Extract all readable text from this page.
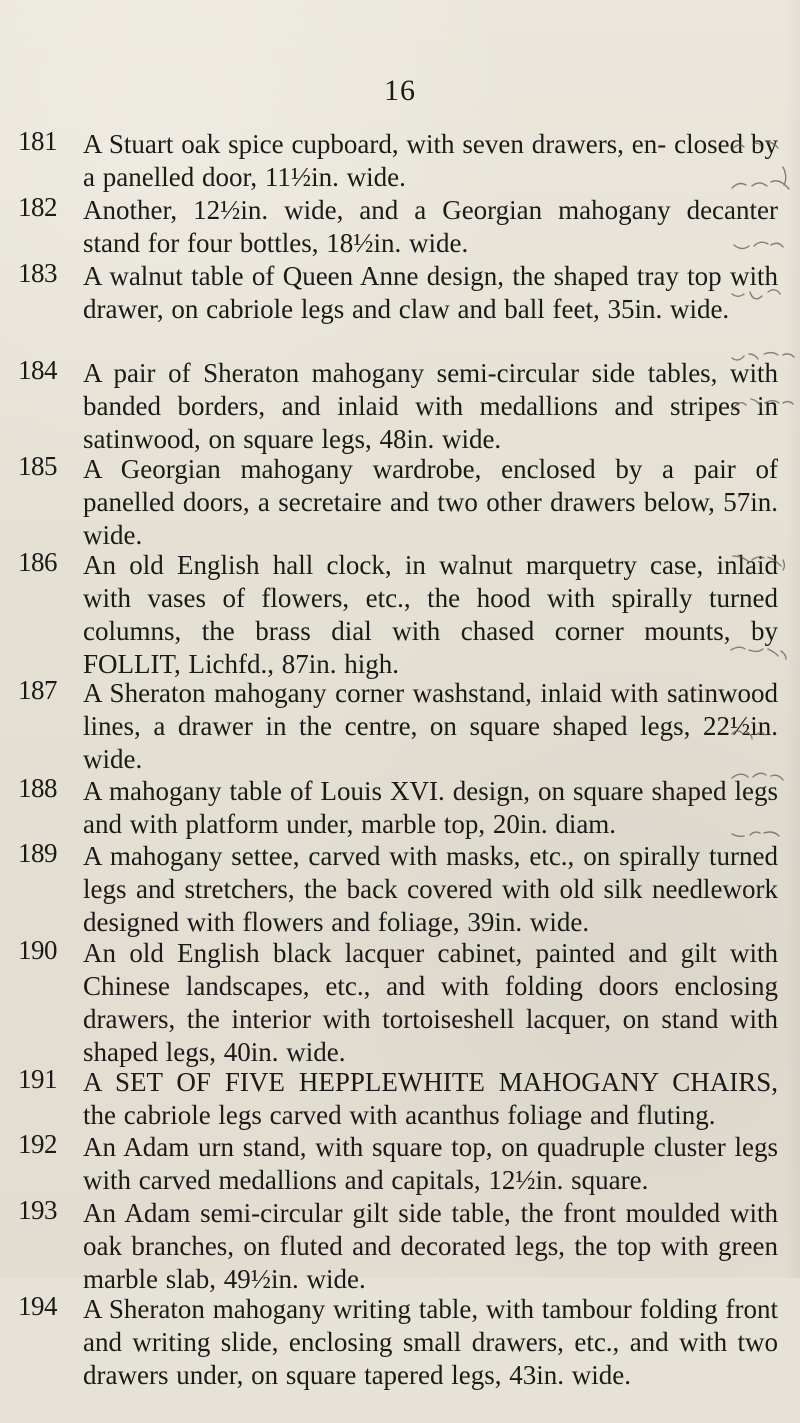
16
181 A Stuart oak spice cupboard, with seven drawers, en- closed by a panelled door, 11½in. wide.
182 Another, 12½in. wide, and a Georgian mahogany decanter stand for four bottles, 18½in. wide.
183 A walnut table of Queen Anne design, the shaped tray top with drawer, on cabriole legs and claw and ball feet, 35in. wide.
184 A pair of Sheraton mahogany semi-circular side tables, with banded borders, and inlaid with medallions and stripes in satinwood, on square legs, 48in. wide.
185 A Georgian mahogany wardrobe, enclosed by a pair of panelled doors, a secretaire and two other drawers below, 57in. wide.
186 An old English hall clock, in walnut marquetry case, inlaid with vases of flowers, etc., the hood with spirally turned columns, the brass dial with chased corner mounts, by FOLLIT, Lichfd., 87in. high.
187 A Sheraton mahogany corner washstand, inlaid with satinwood lines, a drawer in the centre, on square shaped legs, 22½in. wide.
188 A mahogany table of Louis XVI. design, on square shaped legs and with platform under, marble top, 20in. diam.
189 A mahogany settee, carved with masks, etc., on spirally turned legs and stretchers, the back covered with old silk needlework designed with flowers and foliage, 39in. wide.
190 An old English black lacquer cabinet, painted and gilt with Chinese landscapes, etc., and with folding doors enclosing drawers, the interior with tortoiseshell lacquer, on stand with shaped legs, 40in. wide.
191 A SET OF FIVE HEPPLEWHITE MAHOGANY CHAIRS, the cabriole legs carved with acanthus foliage and fluting.
192 An Adam urn stand, with square top, on quadruple cluster legs with carved medallions and capitals, 12½in. square.
193 An Adam semi-circular gilt side table, the front moulded with oak branches, on fluted and decorated legs, the top with green marble slab, 49½in. wide.
194 A Sheraton mahogany writing table, with tambour folding front and writing slide, enclosing small drawers, etc., and with two drawers under, on square tapered legs, 43in. wide.
